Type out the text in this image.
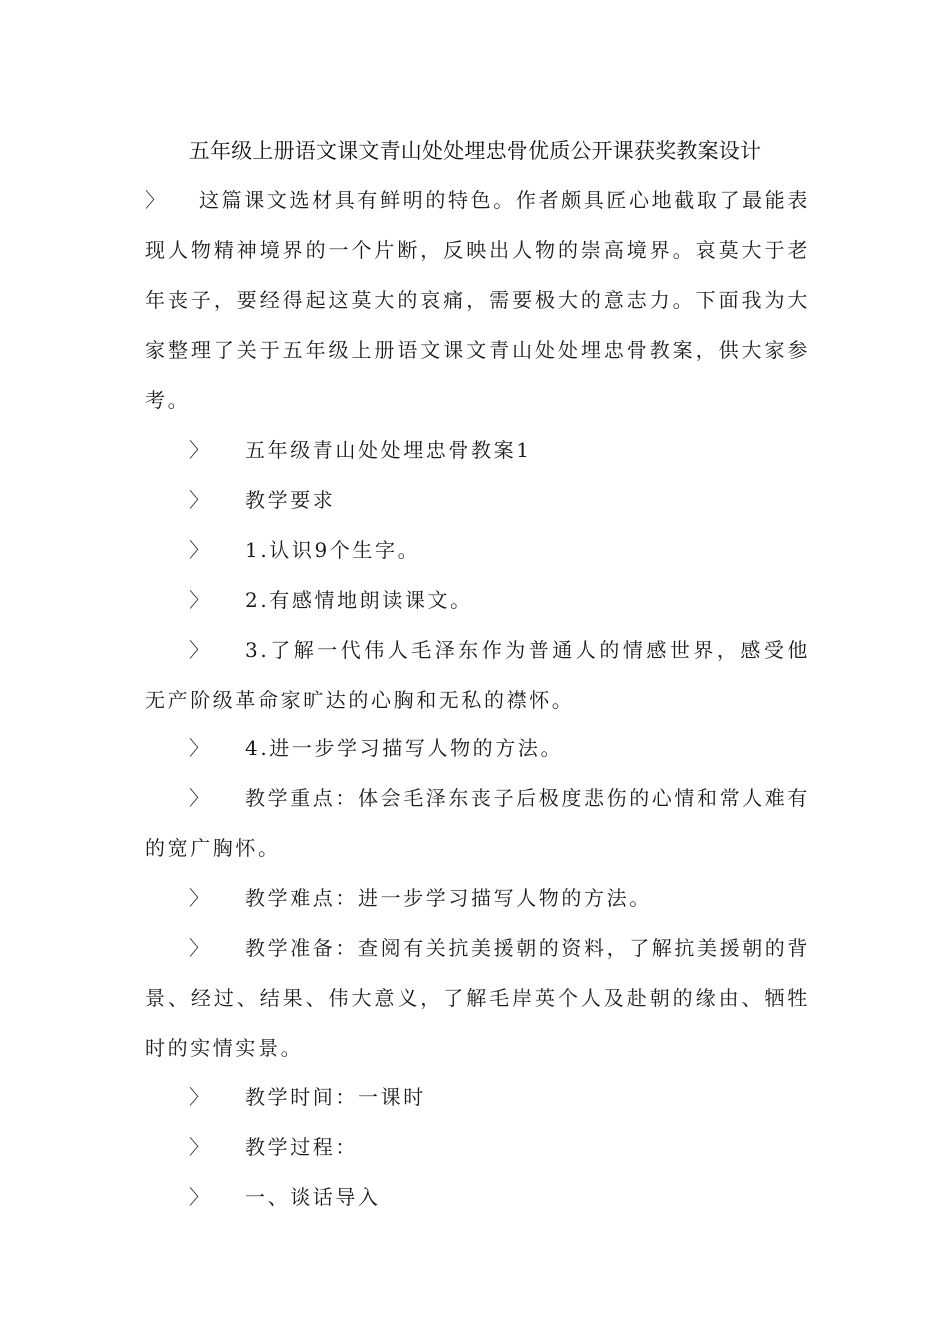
五年级上册语文课文青山处处埋忠骨优质公开课获奖教案设计
〉 这篇课文选材具有鲜明的特色。作者颇具匠心地截取了最能表现人物精神境界的一个片断，反映出人物的崇高境界。哀莫大于老年丧子，要经得起这莫大的哀痛，需要极大的意志力。下面我为大家整理了关于五年级上册语文课文青山处处埋忠骨教案，供大家参考。
〉 五年级青山处处埋忠骨教案1
〉 教学要求
〉 1.认识9个生字。
〉 2.有感情地朗读课文。
〉 3.了解一代伟人毛泽东作为普通人的情感世界，感受他无产阶级革命家旷达的心胸和无私的襟怀。
〉 4.进一步学习描写人物的方法。
〉 教学重点：体会毛泽东丧子后极度悲伤的心情和常人难有的宽广胸怀。
〉 教学难点：进一步学习描写人物的方法。
〉 教学准备：查阅有关抗美援朝的资料，了解抗美援朝的背景、经过、结果、伟大意义，了解毛岸英个人及赴朝的缘由、牺牲时的实情实景。
〉 教学时间：一课时
〉 教学过程：
〉 一、谈话导入
